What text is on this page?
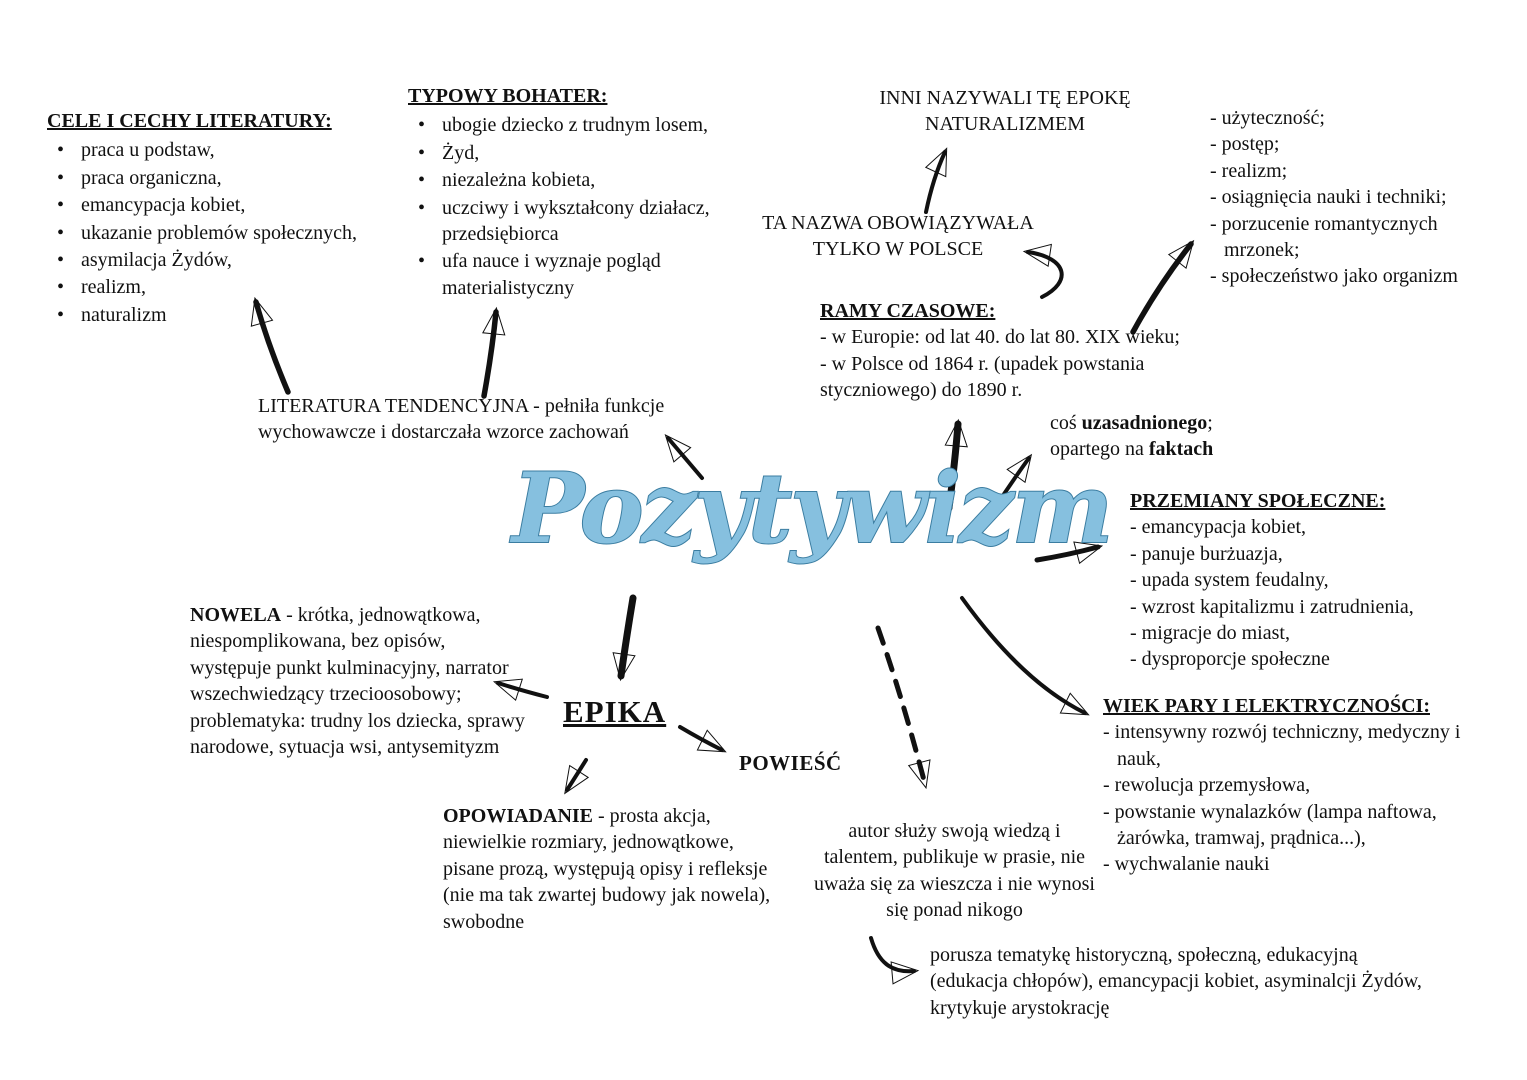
CELE I CECHY LITERATURY:
• praca u podstaw,
• praca organiczna,
• emancypacja kobiet,
• ukazanie problemów społecznych,
• asymilacja Żydów,
• realizm,
• naturalizm
TYPOWY BOHATER:
• ubogie dziecko z trudnym losem,
• Żyd,
• niezależna kobieta,
• uczciwy i wykształcony działacz, przedsiębiorca
• ufa nauce i wyznaje pogląd materialistyczny
INNI NAZYWALI TĘ EPOKĘ
NATURALIZMEM
TA NAZWA OBOWIĄZYWAŁA
TYLKO W POLSCE
- użyteczność;
- postęp;
- realizm;
- osiągnięcia nauki i techniki;
- porzucenie romantycznych mrzonek;
- społeczeństwo jako organizm
RAMY CZASOWE:
- w Europie: od lat 40. do lat 80. XIX wieku;
- w Polsce od 1864 r. (upadek powstania styczniowego) do 1890 r.
LITERATURA TENDENCYJNA - pełniła funkcje wychowawcze i dostarczała wzorce zachowań
Pozytywizm
coś uzasadnionego;
opartego na faktach
PRZEMIANY SPOŁECZNE:
- emancypacja kobiet,
- panuje burżuazja,
- upada system feudalny,
- wzrost kapitalizmu i zatrudnienia,
- migracje do miast,
- dysproporcje społeczne
WIEK PARY I ELEKTRYCZNOŚCI:
- intensywny rozwój techniczny, medyczny i nauk,
- rewolucja przemysłowa,
- powstanie wynalazków (lampa naftowa, żarówka, tramwaj, prądnica...),
- wychwalanie nauki
NOWELA - krótka, jednowątkowa, niespomplikowana, bez opisów, występuje punkt kulminacyjny, narrator wszechwiedzący trzecioosobowy; problematyka: trudny los dziecka, sprawy narodowe, sytuacja wsi, antysemityzm
EPIKA
POWIEŚĆ
OPOWIADANIE - prosta akcja, niewielkie rozmiary, jednowątkowe, pisane prozą, występują opisy i refleksje (nie ma tak zwartej budowy jak nowela), swobodne
autor służy swoją wiedzą i talentem, publikuje w prasie, nie uważa się za wieszcza i nie wynosi się ponad nikogo
porusza tematykę historyczną, społeczną, edukacyjną (edukacja chłopów), emancypacji kobiet, asyminalcji Żydów, krytykuje arystokrację
